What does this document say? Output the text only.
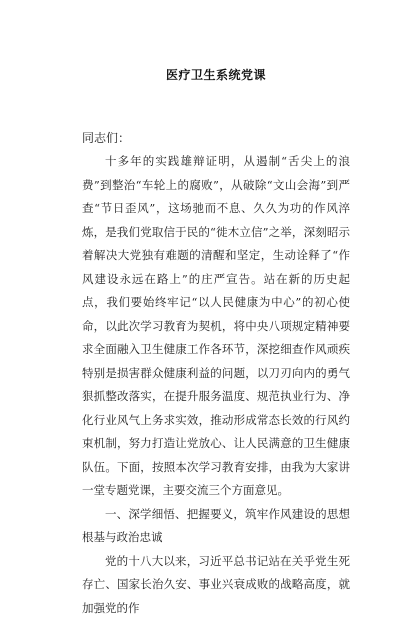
医疗卫生系统党课

同志们：

十多年的实践雄辩证明，从遏制“舌尖上的浪费”到整治“车轮上的腐败”，从破除“文山会海”到严查“节日歪风”，这场驰而不息、久久为功的作风淬炼，是我们党取信于民的“徙木立信”之举，深刻昭示着解决大党独有难题的清醒和坚定，生动诠释了“作风建设永远在路上”的庄严宣告。站在新的历史起点，我们要始终牢记“以人民健康为中心”的初心使命，以此次学习教育为契机，将中央八项规定精神要求全面融入卫生健康工作各环节，深挖细查作风顽疾特别是损害群众健康利益的问题，以刀刃向内的勇气狠抓整改落实，在提升服务温度、规范执业行为、净化行业风气上务求实效，推动形成常态长效的行风约束机制，努力打造让党放心、让人民满意的卫生健康队伍。下面，按照本次学习教育安排，由我为大家讲一堂专题党课，主要交流三个方面意见。

一、深学细悟、把握要义，筑牢作风建设的思想根基与政治忠诚

党的十八大以来，习近平总书记站在关乎党生死存亡、国家长治久安、事业兴衰成败的战略高度，就加强党的作
